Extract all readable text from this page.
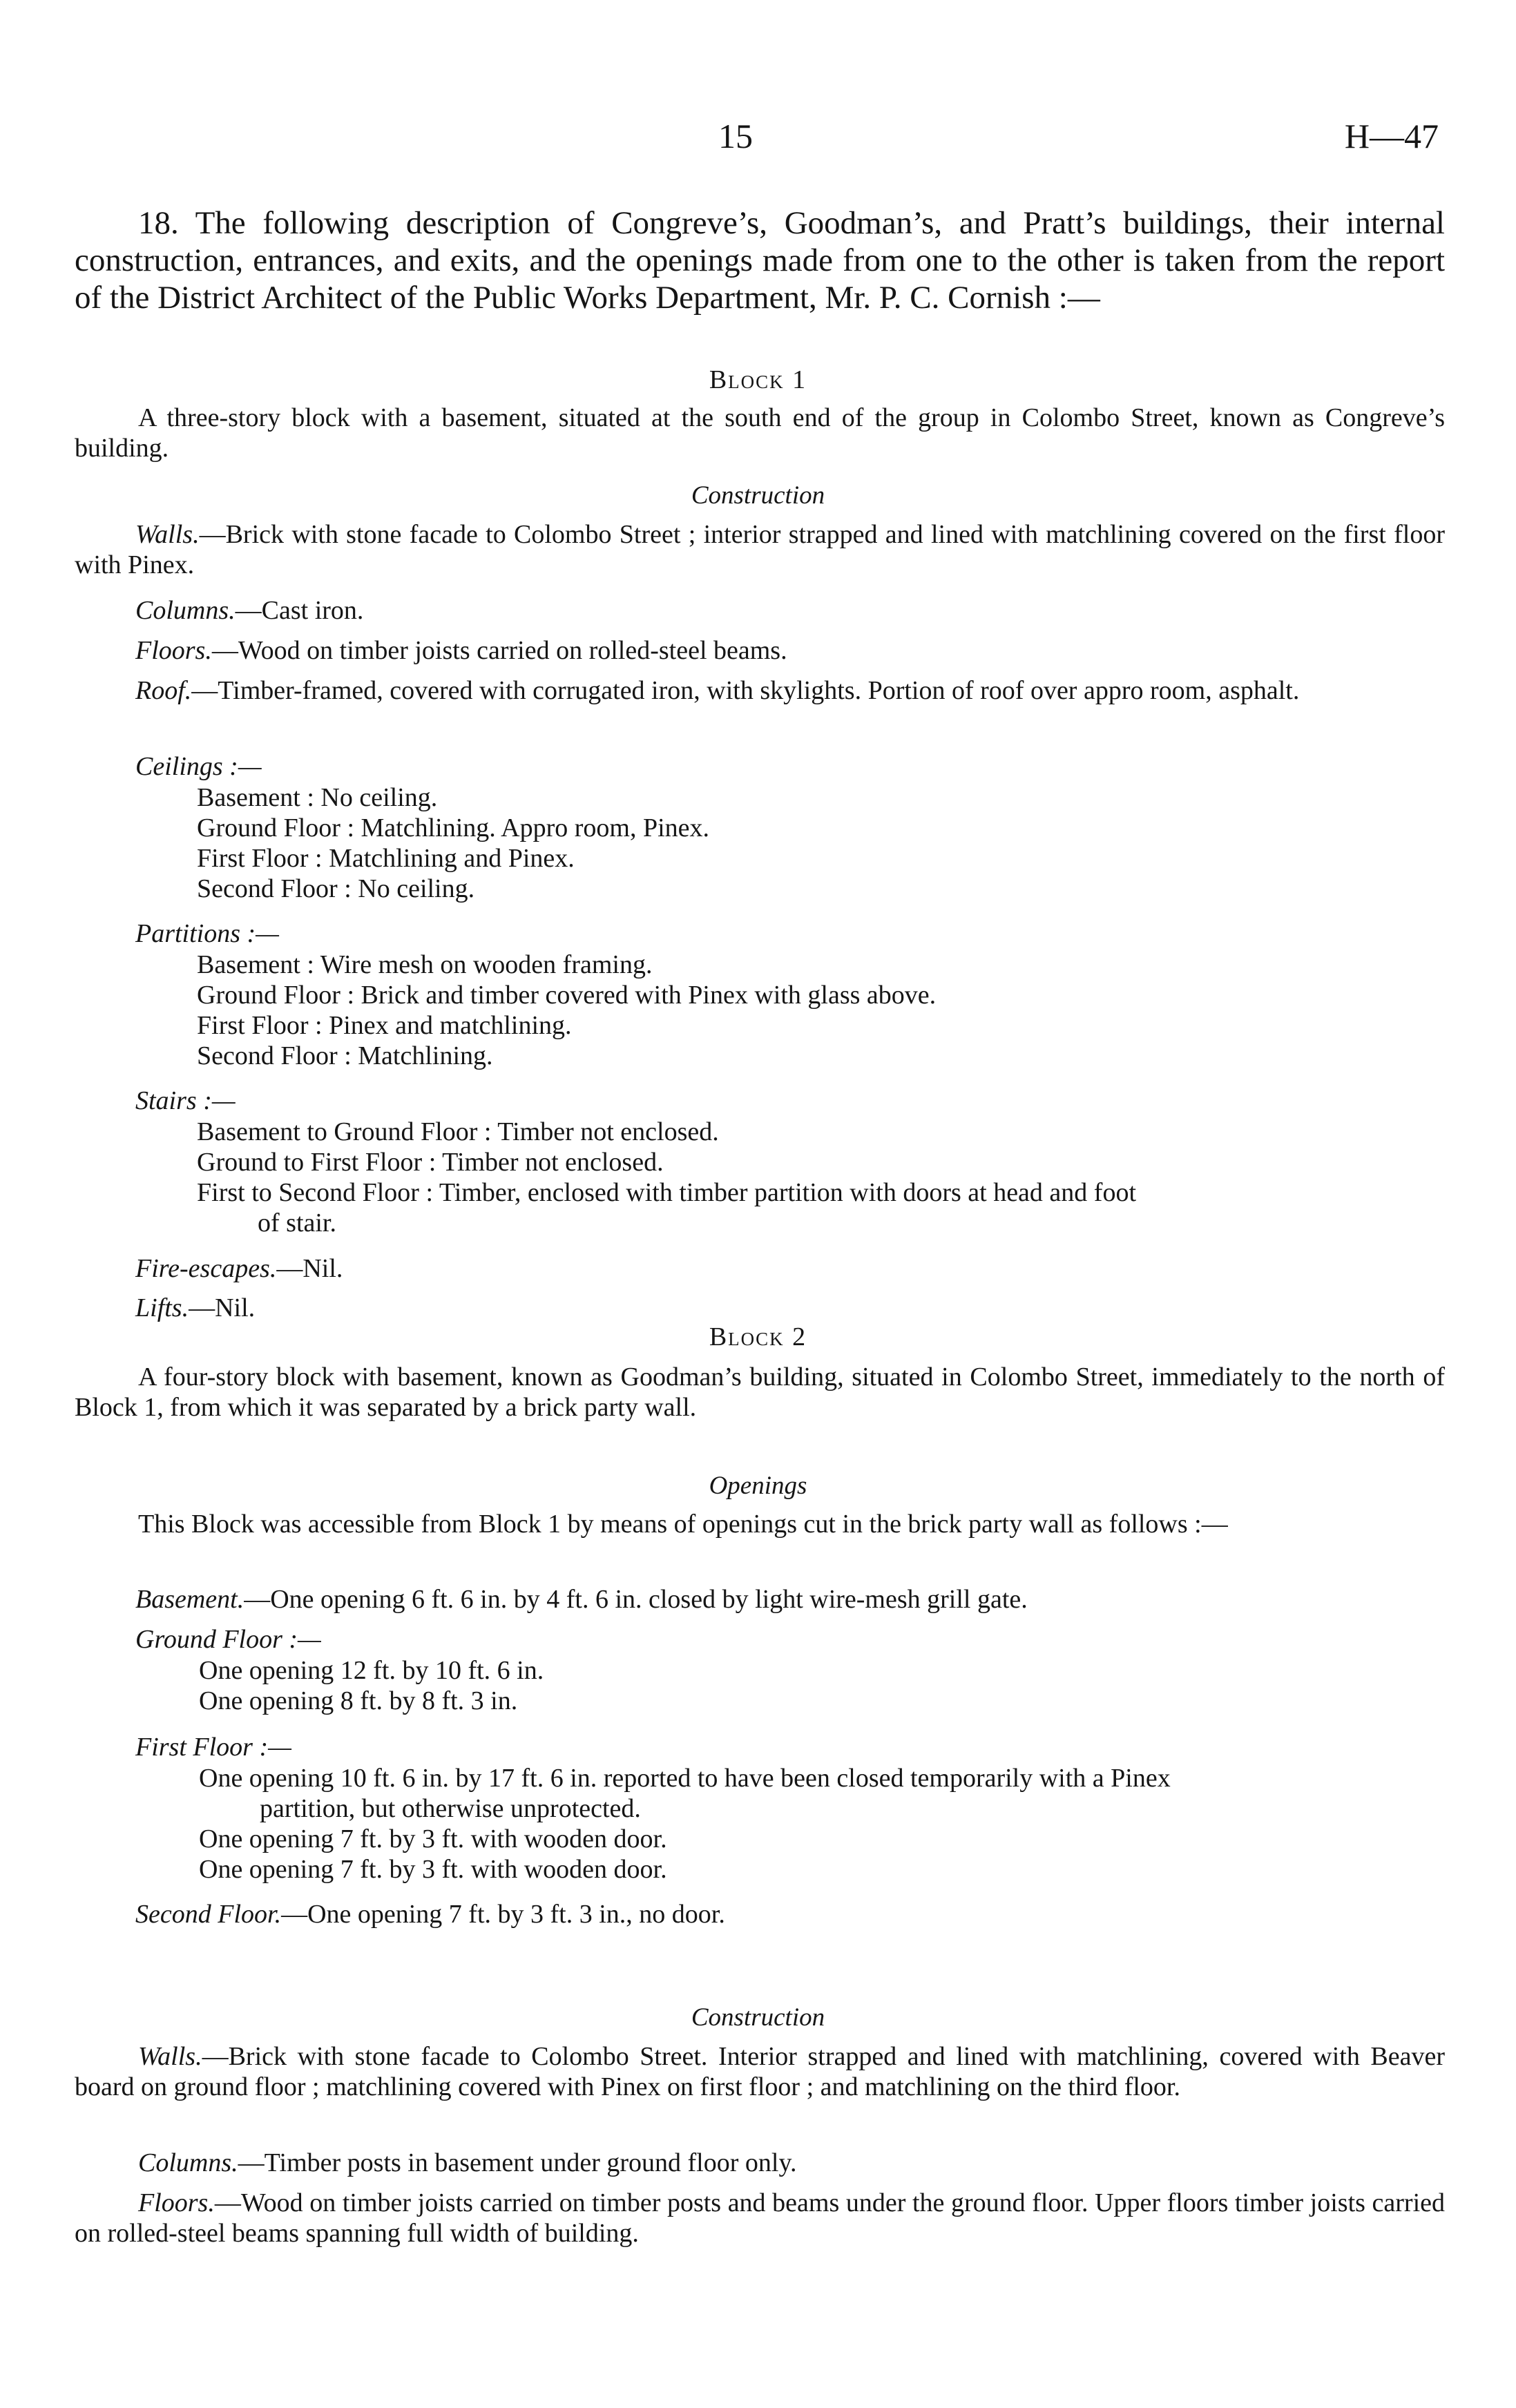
15	H—47
18. The following description of Congreve’s, Goodman’s, and Pratt’s buildings, their internal construction, entrances, and exits, and the openings made from one to the other is taken from the report of the District Architect of the Public Works Department, Mr. P. C. Cornish :—
Block 1
A three-story block with a basement, situated at the south end of the group in Colombo Street, known as Congreve’s building.
Construction
Walls.—Brick with stone facade to Colombo Street ; interior strapped and lined with matchlining covered on the first floor with Pinex.
Columns.—Cast iron.
Floors.—Wood on timber joists carried on rolled-steel beams.
Roof.—Timber-framed, covered with corrugated iron, with skylights. Portion of roof over appro room, asphalt.
Ceilings :—
Basement : No ceiling.
Ground Floor : Matchlining. Appro room, Pinex.
First Floor : Matchlining and Pinex.
Second Floor : No ceiling.
Partitions :—
Basement : Wire mesh on wooden framing.
Ground Floor : Brick and timber covered with Pinex with glass above.
First Floor : Pinex and matchlining.
Second Floor : Matchlining.
Stairs :—
Basement to Ground Floor : Timber not enclosed.
Ground to First Floor : Timber not enclosed.
First to Second Floor : Timber, enclosed with timber partition with doors at head and foot
of stair.
Fire-escapes.—Nil.
Lifts.—Nil.
Block 2
A four-story block with basement, known as Goodman’s building, situated in Colombo Street, immediately to the north of Block 1, from which it was separated by a brick party wall.
Openings
This Block was accessible from Block 1 by means of openings cut in the brick party wall as follows :—
Basement.—One opening 6 ft. 6 in. by 4 ft. 6 in. closed by light wire-mesh grill gate.
Ground Floor :—
One opening 12 ft. by 10 ft. 6 in.
One opening 8 ft. by 8 ft. 3 in.
First Floor :—
One opening 10 ft. 6 in. by 17 ft. 6 in. reported to have been closed temporarily with a Pinex
partition, but otherwise unprotected.
One opening 7 ft. by 3 ft. with wooden door.
One opening 7 ft. by 3 ft. with wooden door.
Second Floor.—One opening 7 ft. by 3 ft. 3 in., no door.
Construction
Walls.—Brick with stone facade to Colombo Street. Interior strapped and lined with matchlining, covered with Beaver board on ground floor ; matchlining covered with Pinex on first floor ; and matchlining on the third floor.
Columns.—Timber posts in basement under ground floor only.
Floors.—Wood on timber joists carried on timber posts and beams under the ground floor. Upper floors timber joists carried on rolled-steel beams spanning full width of building.
